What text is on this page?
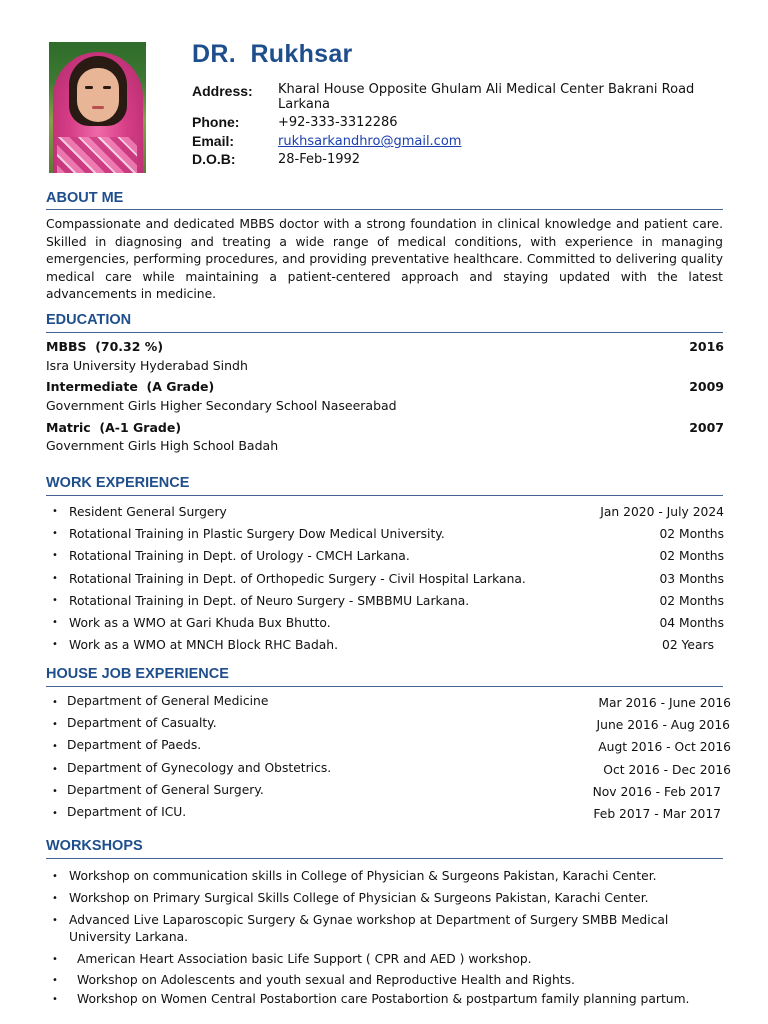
DR.  Rukhsar
Address: Kharal House Opposite Ghulam Ali Medical Center Bakrani Road Larkana
Phone:	+92-333-3312286
Email:	rukhsarkandhro@gmail.com
D.O.B:	28-Feb-1992
ABOUT ME
Compassionate and dedicated MBBS doctor with a strong foundation in clinical knowledge and patient care. Skilled in diagnosing and treating a wide range of medical conditions, with experience in managing emergencies, performing procedures, and providing preventative healthcare. Committed to delivering quality medical care while maintaining a patient-centered approach and staying updated with the latest advancements in medicine.
EDUCATION
MBBS  (70.32 %)	2016
Isra University Hyderabad Sindh
Intermediate  (A Grade)	2009
Government Girls Higher Secondary School Naseerabad
Matric  (A-1 Grade)	2007
Government Girls High School Badah
WORK EXPERIENCE
• Resident General Surgery	Jan 2020 - July 2024
• Rotational Training in Plastic Surgery Dow Medical University.	02 Months
• Rotational Training in Dept. of Urology - CMCH Larkana.	02 Months
• Rotational Training in Dept. of Orthopedic Surgery - Civil Hospital Larkana.	03 Months
• Rotational Training in Dept. of Neuro Surgery - SMBBMU Larkana.	02 Months
• Work as a WMO at Gari Khuda Bux Bhutto.	04 Months
• Work as a WMO at MNCH Block RHC Badah.	02 Years
HOUSE JOB EXPERIENCE
• Department of General Medicine	Mar 2016 - June 2016
• Department of Casualty.	June 2016 - Aug 2016
• Department of Paeds.	Augt 2016 - Oct 2016
• Department of Gynecology and Obstetrics.	Oct 2016 - Dec 2016
• Department of General Surgery.	Nov 2016 - Feb 2017
• Department of ICU.	Feb 2017 - Mar 2017
WORKSHOPS
• Workshop on communication skills in College of Physician & Surgeons Pakistan, Karachi Center.
• Workshop on Primary Surgical Skills College of Physician & Surgeons Pakistan, Karachi Center.
• Advanced Live Laparoscopic Surgery & Gynae workshop at Department of Surgery SMBB Medical University Larkana.
• American Heart Association basic Life Support ( CPR and AED ) workshop.
• Workshop on Adolescents and youth sexual and Reproductive Health and Rights.
• Workshop on Women Central Postabortion care Postabortion & postpartum family planning partum.
